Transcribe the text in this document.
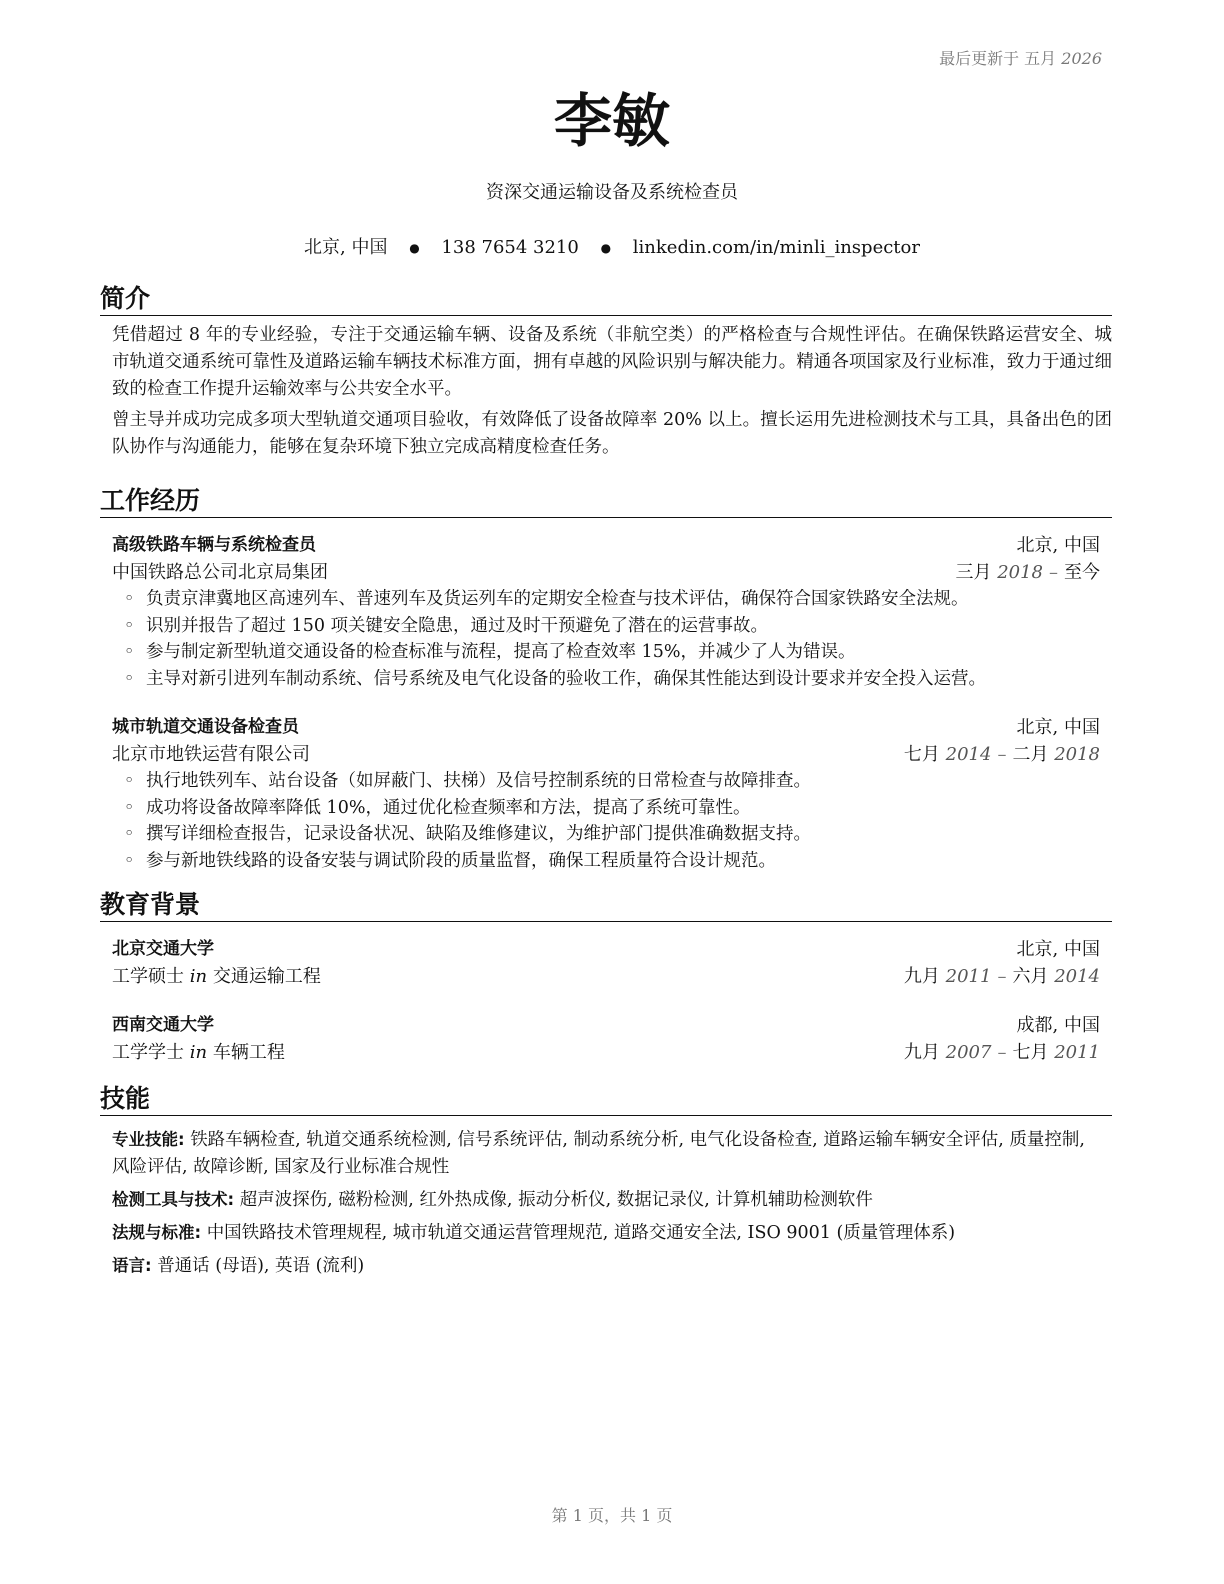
最后更新于 五月 2026
李敏
资深交通运输设备及系统检查员
北京, 中国 ● 138 7654 3210 ● linkedin.com/in/minli_inspector
简介

凭借超过 8 年的专业经验，专注于交通运输车辆、设备及系统（非航空类）的严格检查与合规性评估。在确保铁路运营安全、城市轨道交通系统可靠性及道路运输车辆技术标准方面，拥有卓越的风险识别与解决能力。精通各项国家及行业标准，致力于通过细致的检查工作提升运输效率与公共安全水平。

曾主导并成功完成多项大型轨道交通项目验收，有效降低了设备故障率 20% 以上。擅长运用先进检测技术与工具，具备出色的团队协作与沟通能力，能够在复杂环境下独立完成高精度检查任务。

工作经历
高级铁路车辆与系统检查员	北京, 中国
中国铁路总公司北京局集团	三月 2018 – 至今
◦ 负责京津冀地区高速列车、普速列车及货运列车的定期安全检查与技术评估，确保符合国家铁路安全法规。
◦ 识别并报告了超过 150 项关键安全隐患，通过及时干预避免了潜在的运营事故。
◦ 参与制定新型轨道交通设备的检查标准与流程，提高了检查效率 15%，并减少了人为错误。
◦ 主导对新引进列车制动系统、信号系统及电气化设备的验收工作，确保其性能达到设计要求并安全投入运营。
城市轨道交通设备检查员	北京, 中国
北京市地铁运营有限公司	七月 2014 – 二月 2018
◦ 执行地铁列车、站台设备（如屏蔽门、扶梯）及信号控制系统的日常检查与故障排查。
◦ 成功将设备故障率降低 10%，通过优化检查频率和方法，提高了系统可靠性。
◦ 撰写详细检查报告，记录设备状况、缺陷及维修建议，为维护部门提供准确数据支持。
◦ 参与新地铁线路的设备安装与调试阶段的质量监督，确保工程质量符合设计规范。
教育背景
北京交通大学	北京, 中国
工学硕士 in 交通运输工程	九月 2011 – 六月 2014
西南交通大学	成都, 中国
工学学士 in 车辆工程	九月 2007 – 七月 2011
技能
专业技能: 铁路车辆检查, 轨道交通系统检测, 信号系统评估, 制动系统分析, 电气化设备检查, 道路运输车辆安全评估, 质量控制, 风险评估, 故障诊断, 国家及行业标准合规性
检测工具与技术: 超声波探伤, 磁粉检测, 红外热成像, 振动分析仪, 数据记录仪, 计算机辅助检测软件
法规与标准: 中国铁路技术管理规程, 城市轨道交通运营管理规范, 道路交通安全法, ISO 9001 (质量管理体系)
语言: 普通话 (母语), 英语 (流利)
第 1 页，共 1 页
